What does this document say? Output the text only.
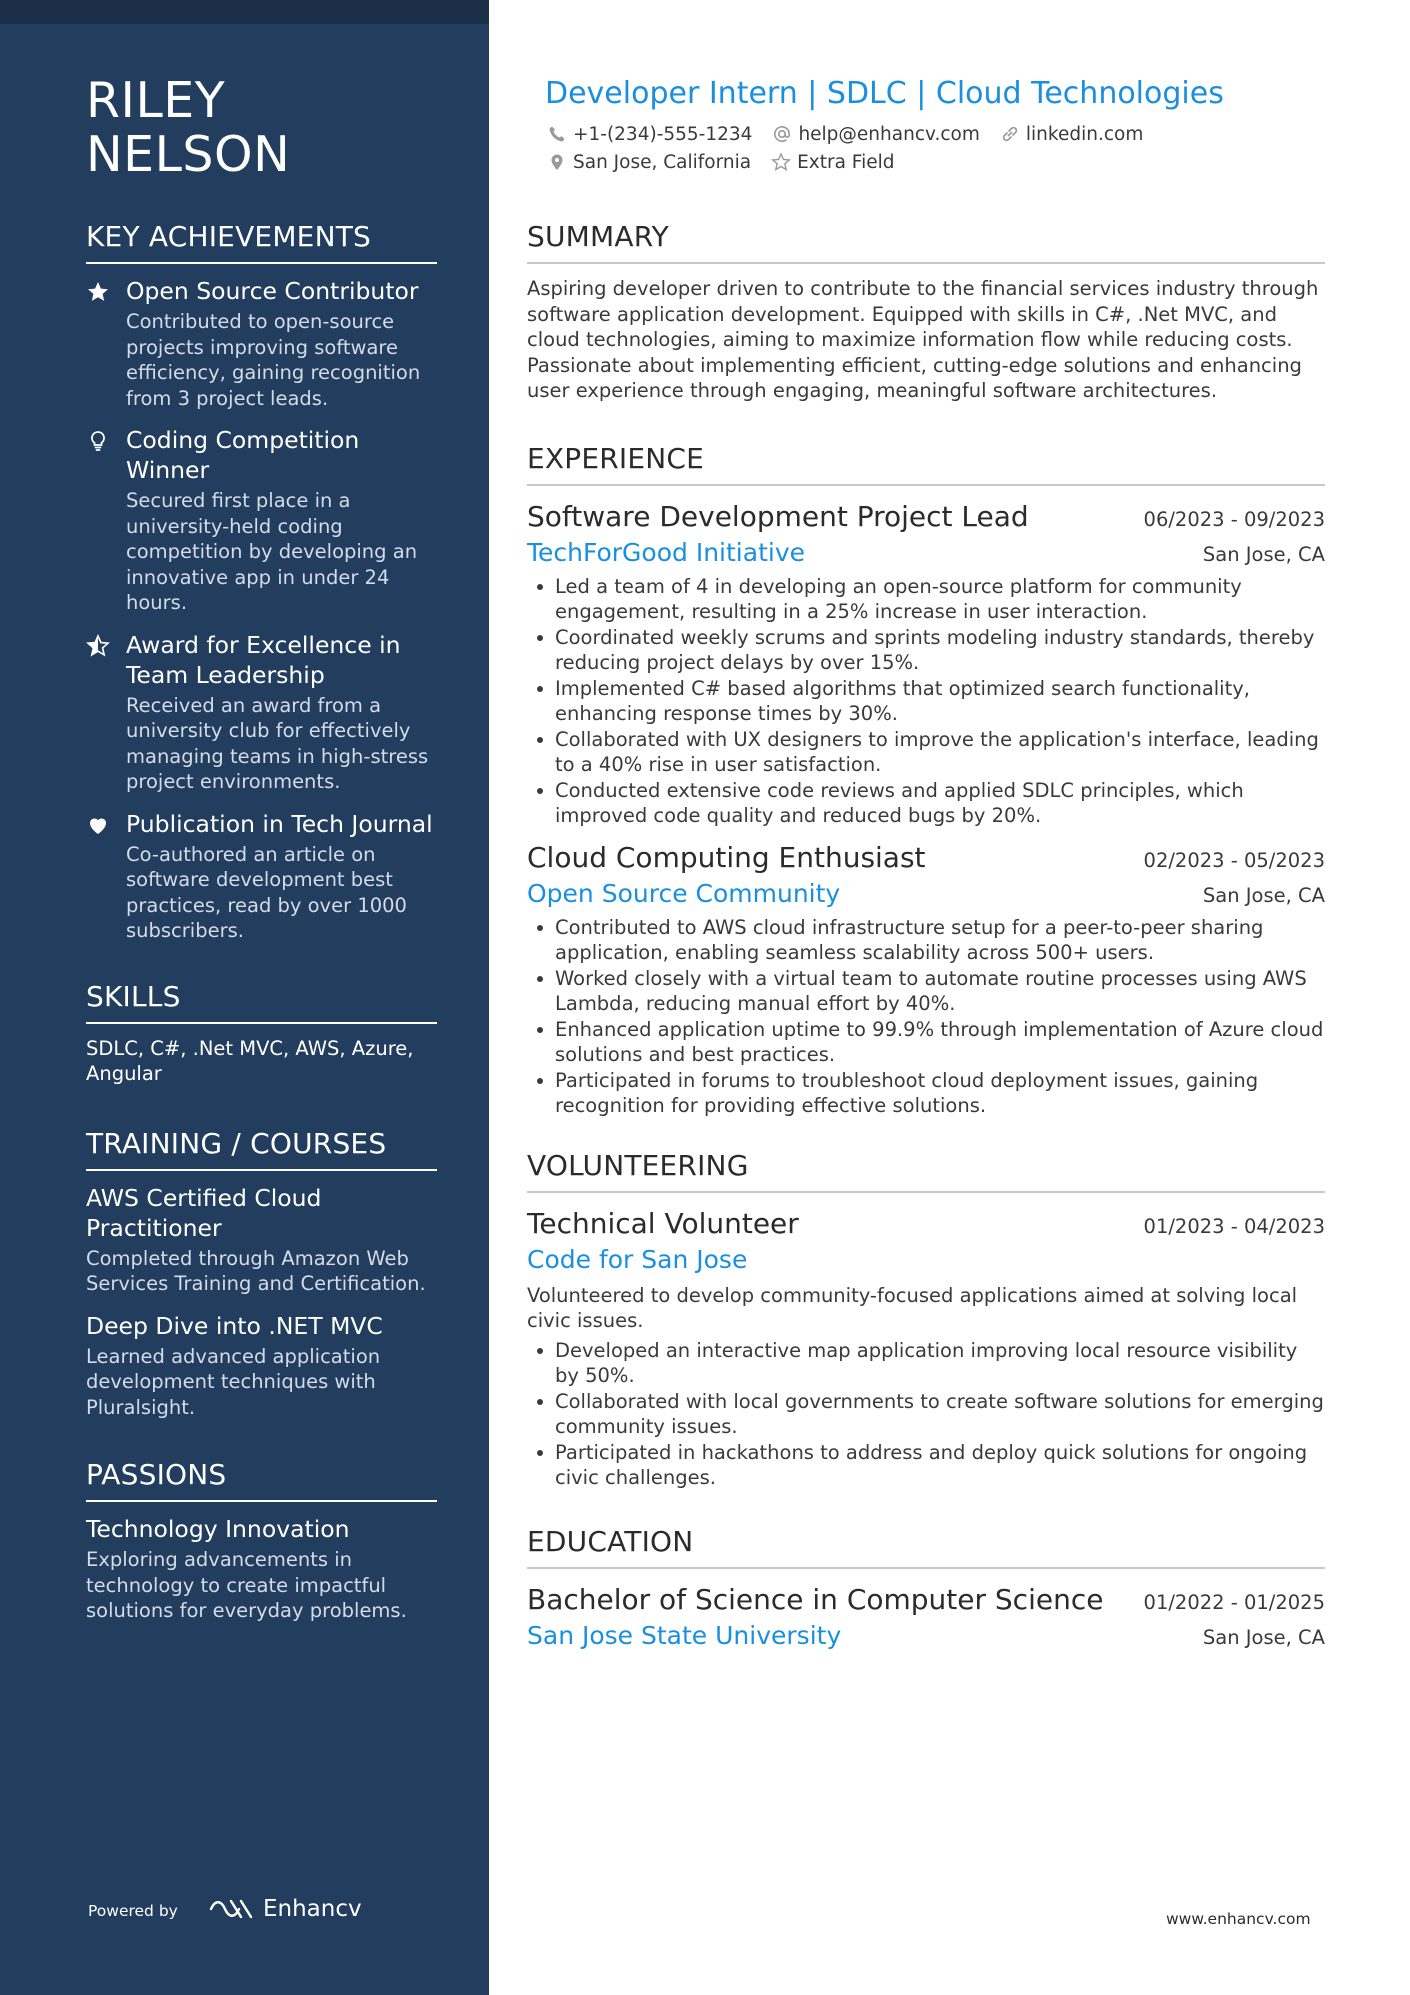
RILEY
NELSON
KEY ACHIEVEMENTS
Open Source Contributor
Contributed to open-source projects improving software efficiency, gaining recognition from 3 project leads.
Coding Competition Winner
Secured first place in a university-held coding competition by developing an innovative app in under 24 hours.
Award for Excellence in Team Leadership
Received an award from a university club for effectively managing teams in high-stress project environments.
Publication in Tech Journal
Co-authored an article on software development best practices, read by over 1000 subscribers.
SKILLS
SDLC, C#, .Net MVC, AWS, Azure, Angular
TRAINING / COURSES
AWS Certified Cloud Practitioner
Completed through Amazon Web Services Training and Certification.
Deep Dive into .NET MVC
Learned advanced application development techniques with Pluralsight.
PASSIONS
Technology Innovation
Exploring advancements in technology to create impactful solutions for everyday problems.
Powered by	Enhancv
Developer Intern | SDLC | Cloud Technologies
+1-(234)-555-1234 help@enhancv.com linkedin.com
San Jose, California Extra Field
SUMMARY
Aspiring developer driven to contribute to the financial services industry through software application development. Equipped with skills in C#, .Net MVC, and cloud technologies, aiming to maximize information flow while reducing costs. Passionate about implementing efficient, cutting-edge solutions and enhancing user experience through engaging, meaningful software architectures.
EXPERIENCE
Software Development Project Lead	06/2023 - 09/2023
TechForGood Initiative	San Jose, CA
Led a team of 4 in developing an open-source platform for community engagement, resulting in a 25% increase in user interaction.
Coordinated weekly scrums and sprints modeling industry standards, thereby reducing project delays by over 15%.
Implemented C# based algorithms that optimized search functionality, enhancing response times by 30%.
Collaborated with UX designers to improve the application's interface, leading to a 40% rise in user satisfaction.
Conducted extensive code reviews and applied SDLC principles, which improved code quality and reduced bugs by 20%.
Cloud Computing Enthusiast	02/2023 - 05/2023
Open Source Community	San Jose, CA
Contributed to AWS cloud infrastructure setup for a peer-to-peer sharing application, enabling seamless scalability across 500+ users.
Worked closely with a virtual team to automate routine processes using AWS Lambda, reducing manual effort by 40%.
Enhanced application uptime to 99.9% through implementation of Azure cloud solutions and best practices.
Participated in forums to troubleshoot cloud deployment issues, gaining recognition for providing effective solutions.
VOLUNTEERING
Technical Volunteer	01/2023 - 04/2023
Code for San Jose
Volunteered to develop community-focused applications aimed at solving local civic issues.
Developed an interactive map application improving local resource visibility by 50%.
Collaborated with local governments to create software solutions for emerging community issues.
Participated in hackathons to address and deploy quick solutions for ongoing civic challenges.
EDUCATION
Bachelor of Science in Computer Science 01/2022 - 01/2025
San Jose State University	San Jose, CA
www.enhancv.com
